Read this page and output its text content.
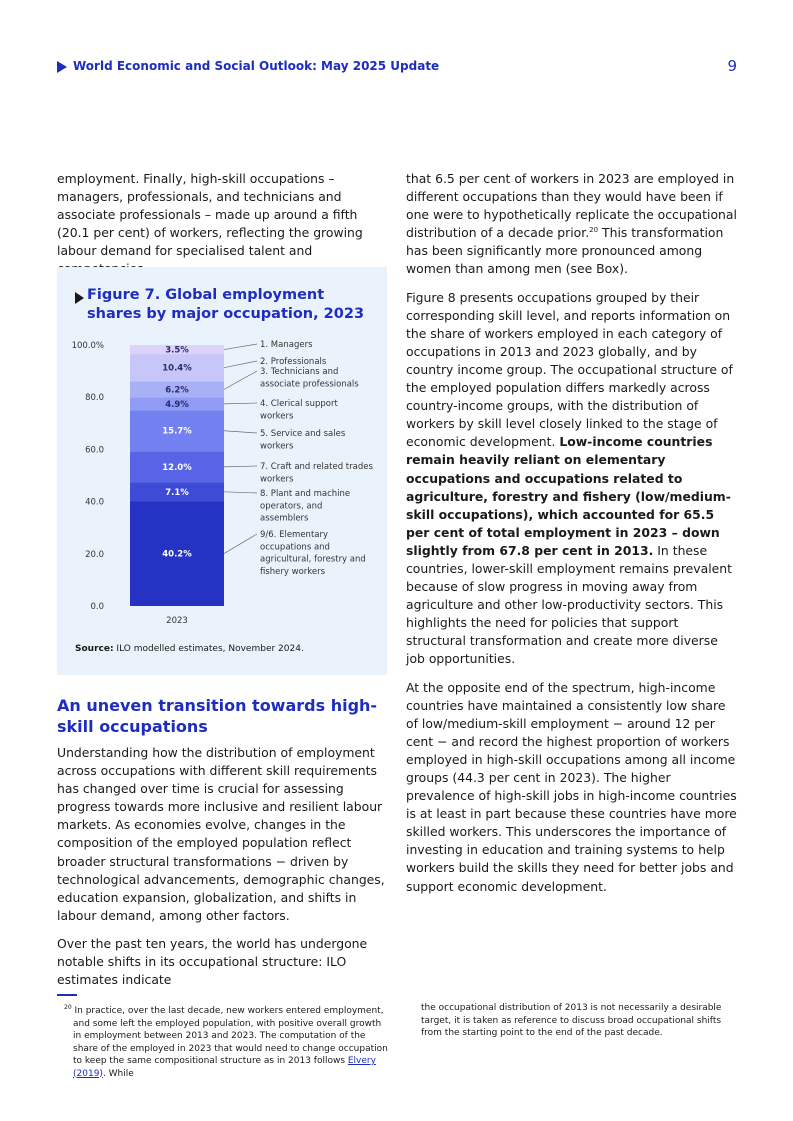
World Economic and Social Outlook: May 2025 Update	9

employment. Finally, high-skill occupations – managers, professionals, and technicians and associate professionals – made up around a fifth (20.1 per cent) of workers, reflecting the growing labour demand for specialised talent and

Figure 7. Global employment shares by major occupation, 2023
0.0
20.0
40.0
60.0
80.0
100.0%
40.2%
7.1%
12.0%
15.7%
4.9%
6.2%
10.4%
3.5%
2023
1. Managers
2. Professionals
3. Technicians and associate professionals
4. Clerical support workers
5. Service and sales workers
7. Craft and related trades workers
8. Plant and machine operators, and assemblers
9/6. Elementary occupations and agricultural, forestry and fishery workers
Source: ILO modelled estimates, November 2024.
An uneven transition towards high-skill occupations

Understanding how the distribution of employment across occupations with different skill requirements has changed over time is crucial for assessing progress towards more inclusive and resilient labour markets. As economies evolve, changes in the composition of the employed population reflect broader structural transformations − driven by technological advancements, demographic changes, education expansion, globalization, and shifts in labour demand, among other factors.

Over the past ten years, the world has undergone notable shifts in its occupational structure: ILO estimates indicate

that 6.5 per cent of workers in 2023 are employed in different occupations than they would have been if one were to hypothetically replicate the occupational distribution of a decade prior.$^{20}$ This transformation has been significantly more pronounced among women than among men (see Box).

Figure 8 presents occupations grouped by their corresponding skill level, and reports information on the share of workers employed in each category of occupations in 2013 and 2023 globally, and by country income group. The occupational structure of the employed population differs markedly across country-income groups, with the distribution of workers by skill level closely linked to the stage of economic development. Low-income countries remain heavily reliant on elementary occupations and occupations related to agriculture, forestry and fishery (low/medium-skill occupations), which accounted for 65.5 per cent of total employment in 2023 – down slightly from 67.8 per cent in 2013. In these countries, lower-skill employment remains prevalent because of slow progress in moving away from agriculture and other low-productivity sectors. This highlights the need for policies that support structural transformation and create more diverse job opportunities.

At the opposite end of the spectrum, high-income countries have maintained a consistently low share of low/medium-skill employment − around 12 per cent − and record the highest proportion of workers employed in high-skill occupations among all income groups (44.3 per cent in 2023). The higher prevalence of high-skill jobs in high-income countries is at least in part because these countries have more skilled workers. This underscores the importance of investing in education and training systems to help workers build the skills they need for better jobs and support economic development.

$^{20}$ In practice, over the last decade, new workers entered employment, and some left the employed population, with positive overall growth in employment between 2013 and 2023. The computation of the share of the employed in 2023 that would need to change occupation to keep the same compositional structure as in 2013 follows Elvery (2019). While
the occupational distribution of 2013 is not necessarily a desirable target, it is taken as reference to discuss broad occupational shifts from the starting point to the end of the past decade.
